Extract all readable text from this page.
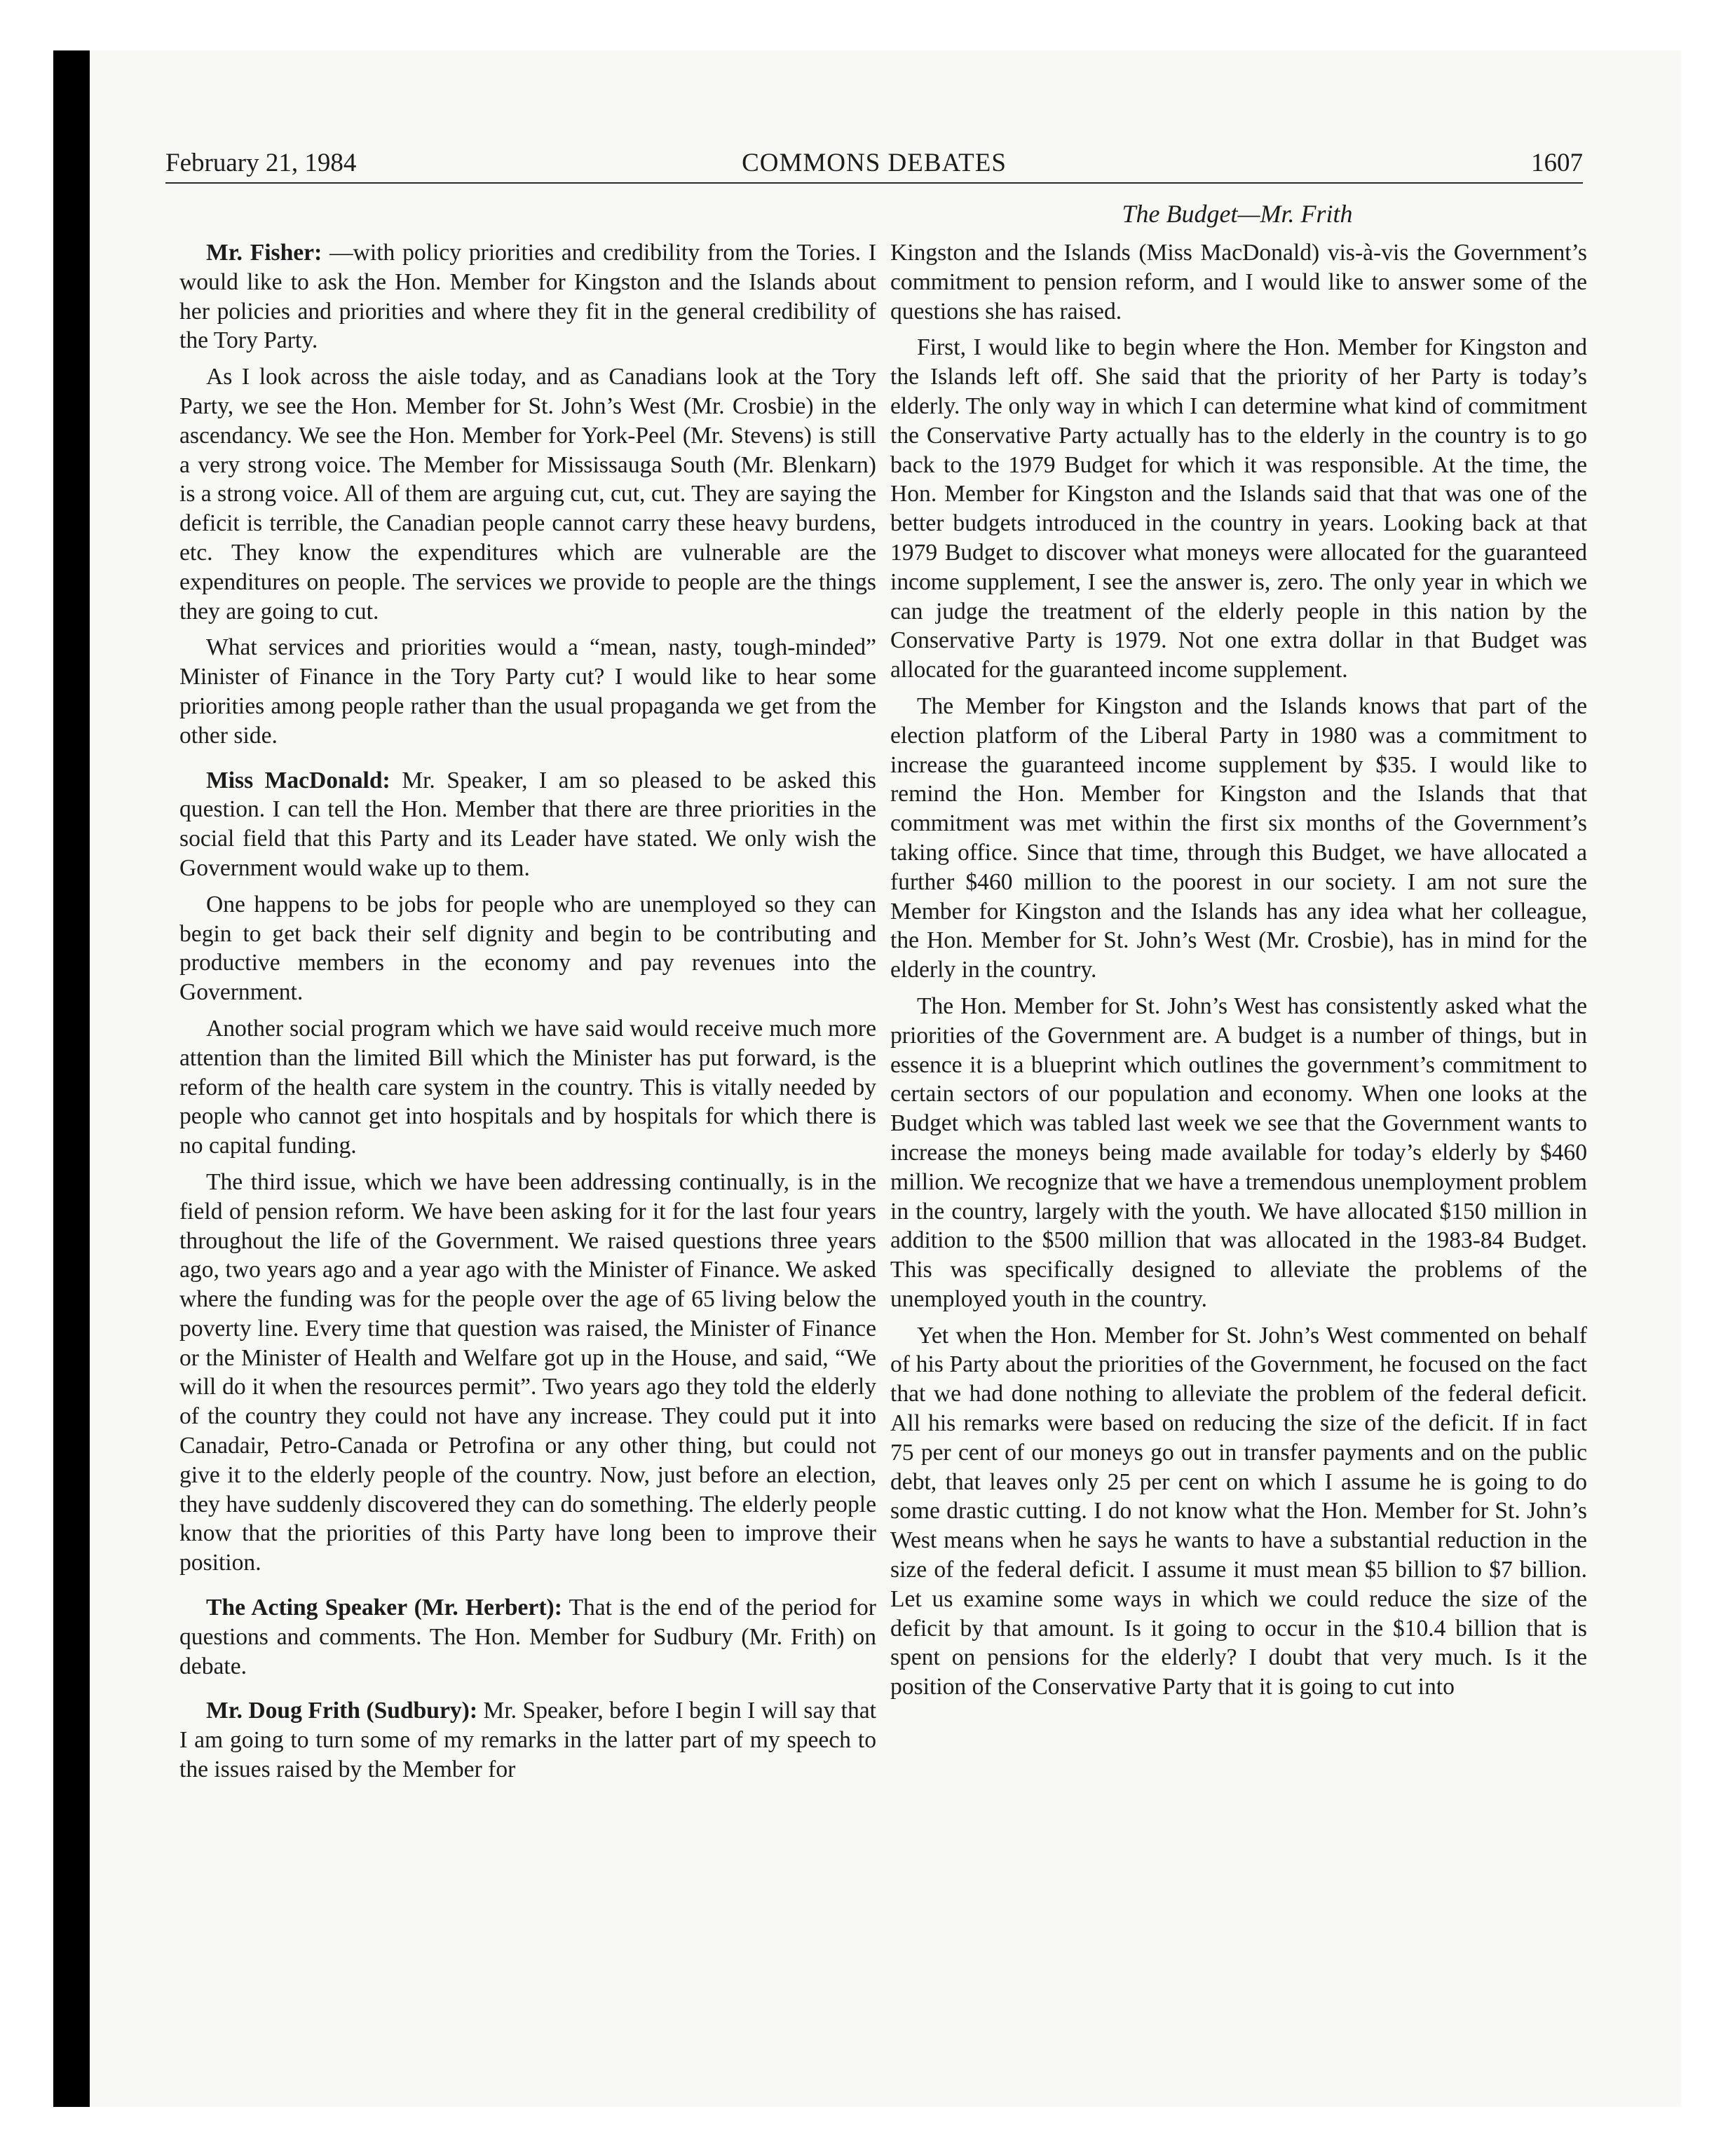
February 21, 1984	COMMONS DEBATES	1607
The Budget—Mr. Frith

Mr. Fisher: —with policy priorities and credibility from the Tories. I would like to ask the Hon. Member for Kingston and the Islands about her policies and priorities and where they fit in the general credibility of the Tory Party.

As I look across the aisle today, and as Canadians look at the Tory Party, we see the Hon. Member for St. John’s West (Mr. Crosbie) in the ascendancy. We see the Hon. Member for York-Peel (Mr. Stevens) is still a very strong voice. The Member for Mississauga South (Mr. Blenkarn) is a strong voice. All of them are arguing cut, cut, cut. They are saying the deficit is terrible, the Canadian people cannot carry these heavy burdens, etc. They know the expenditures which are vulnerable are the expenditures on people. The services we provide to people are the things they are going to cut.

What services and priorities would a “mean, nasty, tough-minded” Minister of Finance in the Tory Party cut? I would like to hear some priorities among people rather than the usual propaganda we get from the other side.

Miss MacDonald: Mr. Speaker, I am so pleased to be asked this question. I can tell the Hon. Member that there are three priorities in the social field that this Party and its Leader have stated. We only wish the Government would wake up to them.

One happens to be jobs for people who are unemployed so they can begin to get back their self dignity and begin to be contributing and productive members in the economy and pay revenues into the Government.

Another social program which we have said would receive much more attention than the limited Bill which the Minister has put forward, is the reform of the health care system in the country. This is vitally needed by people who cannot get into hospitals and by hospitals for which there is no capital funding.

The third issue, which we have been addressing continually, is in the field of pension reform. We have been asking for it for the last four years throughout the life of the Government. We raised questions three years ago, two years ago and a year ago with the Minister of Finance. We asked where the funding was for the people over the age of 65 living below the poverty line. Every time that question was raised, the Minister of Finance or the Minister of Health and Welfare got up in the House, and said, “We will do it when the resources permit”. Two years ago they told the elderly of the country they could not have any increase. They could put it into Canadair, Petro-Canada or Petrofina or any other thing, but could not give it to the elderly people of the country. Now, just before an election, they have suddenly discovered they can do something. The elderly people know that the priorities of this Party have long been to improve their position.

The Acting Speaker (Mr. Herbert): That is the end of the period for questions and comments. The Hon. Member for Sudbury (Mr. Frith) on debate.

Mr. Doug Frith (Sudbury): Mr. Speaker, before I begin I will say that I am going to turn some of my remarks in the latter part of my speech to the issues raised by the Member for

Kingston and the Islands (Miss MacDonald) vis-à-vis the Government’s commitment to pension reform, and I would like to answer some of the questions she has raised.

First, I would like to begin where the Hon. Member for Kingston and the Islands left off. She said that the priority of her Party is today’s elderly. The only way in which I can determine what kind of commitment the Conservative Party actually has to the elderly in the country is to go back to the 1979 Budget for which it was responsible. At the time, the Hon. Member for Kingston and the Islands said that that was one of the better budgets introduced in the country in years. Looking back at that 1979 Budget to discover what moneys were allocated for the guaranteed income supplement, I see the answer is, zero. The only year in which we can judge the treatment of the elderly people in this nation by the Conservative Party is 1979. Not one extra dollar in that Budget was allocated for the guaranteed income supplement.

The Member for Kingston and the Islands knows that part of the election platform of the Liberal Party in 1980 was a commitment to increase the guaranteed income supplement by $35. I would like to remind the Hon. Member for Kingston and the Islands that that commitment was met within the first six months of the Government’s taking office. Since that time, through this Budget, we have allocated a further $460 million to the poorest in our society. I am not sure the Member for Kingston and the Islands has any idea what her colleague, the Hon. Member for St. John’s West (Mr. Crosbie), has in mind for the elderly in the country.

The Hon. Member for St. John’s West has consistently asked what the priorities of the Government are. A budget is a number of things, but in essence it is a blueprint which outlines the government’s commitment to certain sectors of our population and economy. When one looks at the Budget which was tabled last week we see that the Government wants to increase the moneys being made available for today’s elderly by $460 million. We recognize that we have a tremendous unemployment problem in the country, largely with the youth. We have allocated $150 million in addition to the $500 million that was allocated in the 1983-84 Budget. This was specifically designed to alleviate the problems of the unemployed youth in the country.

Yet when the Hon. Member for St. John’s West commented on behalf of his Party about the priorities of the Government, he focused on the fact that we had done nothing to alleviate the problem of the federal deficit. All his remarks were based on reducing the size of the deficit. If in fact 75 per cent of our moneys go out in transfer payments and on the public debt, that leaves only 25 per cent on which I assume he is going to do some drastic cutting. I do not know what the Hon. Member for St. John’s West means when he says he wants to have a substantial reduction in the size of the federal deficit. I assume it must mean $5 billion to $7 billion. Let us examine some ways in which we could reduce the size of the deficit by that amount. Is it going to occur in the $10.4 billion that is spent on pensions for the elderly? I doubt that very much. Is it the position of the Conservative Party that it is going to cut into
